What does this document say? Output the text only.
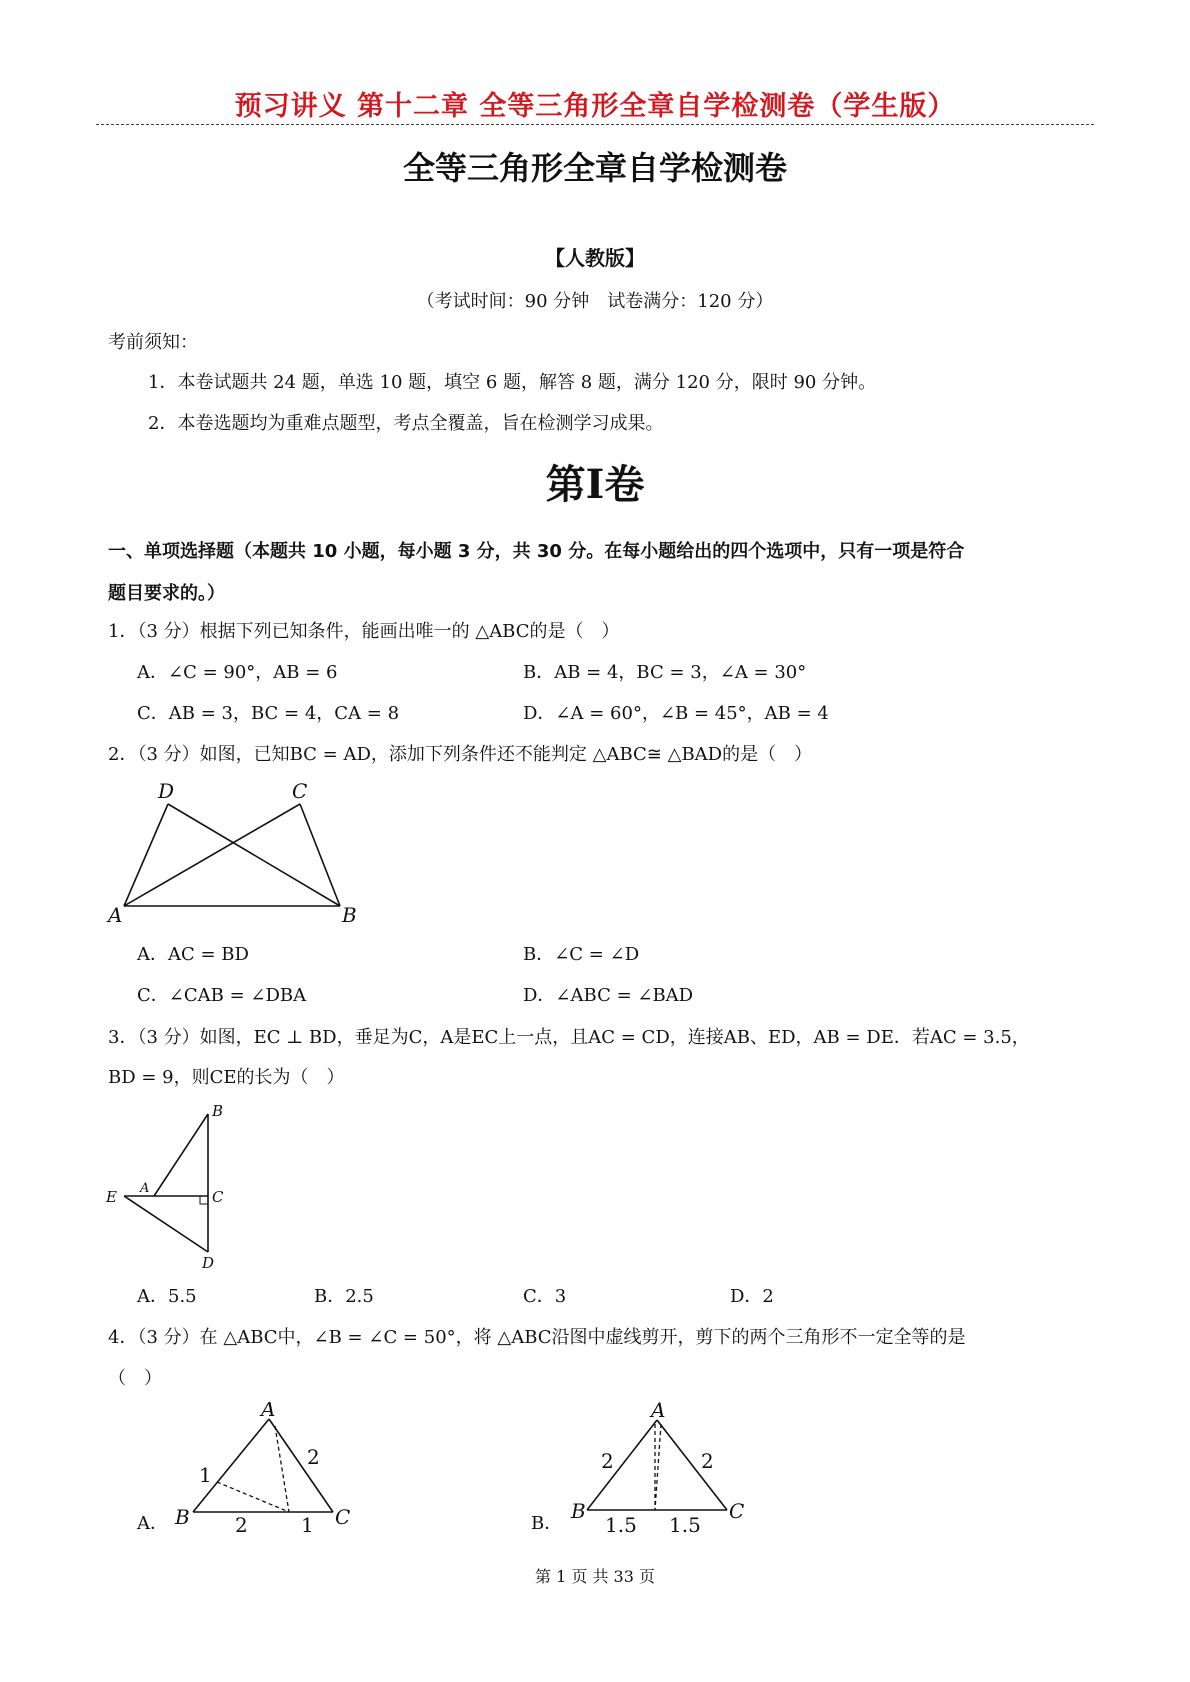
预习讲义 第十二章 全等三角形全章自学检测卷（学生版）
全等三角形全章自学检测卷
【人教版】
（考试时间：90 分钟　试卷满分：120 分）
考前须知：
1．本卷试题共 24 题，单选 10 题，填空 6 题，解答 8 题，满分 120 分，限时 90 分钟。
2．本卷选题均为重难点题型，考点全覆盖，旨在检测学习成果。
第I卷
一、单项选择题（本题共 10 小题，每小题 3 分，共 30 分。在每小题给出的四个选项中，只有一项是符合
题目要求的。）
1．（3 分）根据下列已知条件，能画出唯一的 △ABC的是（　）
A．∠C = 90°，AB = 6	B．AB = 4，BC = 3，∠A = 30°
C．AB = 3，BC = 4，CA = 8	D．∠A = 60°，∠B = 45°，AB = 4
2．（3 分）如图，已知BC = AD，添加下列条件还不能判定 △ABC≅ △BAD的是（　）
D	C
A	B
A．AC = BD	B．∠C = ∠D
C．∠CAB = ∠DBA	D．∠ABC = ∠BAD
3．（3 分）如图，EC ⊥ BD，垂足为C，A是EC上一点，且AC = CD，连接AB、ED，AB = DE．若AC = 3.5，
BD = 9，则CE的长为（　）
B
E A	C
D
A．5.5	B．2.5	C．3	D．2
4．（3 分）在 △ABC中，∠B = ∠C = 50°，将 △ABC沿图中虚线剪开，剪下的两个三角形不一定全等的是
（　）
A．
A
B	C
1
2
2	1	B．
A
B	C
2	2
1.5 1.5
第 1 页 共 33 页
